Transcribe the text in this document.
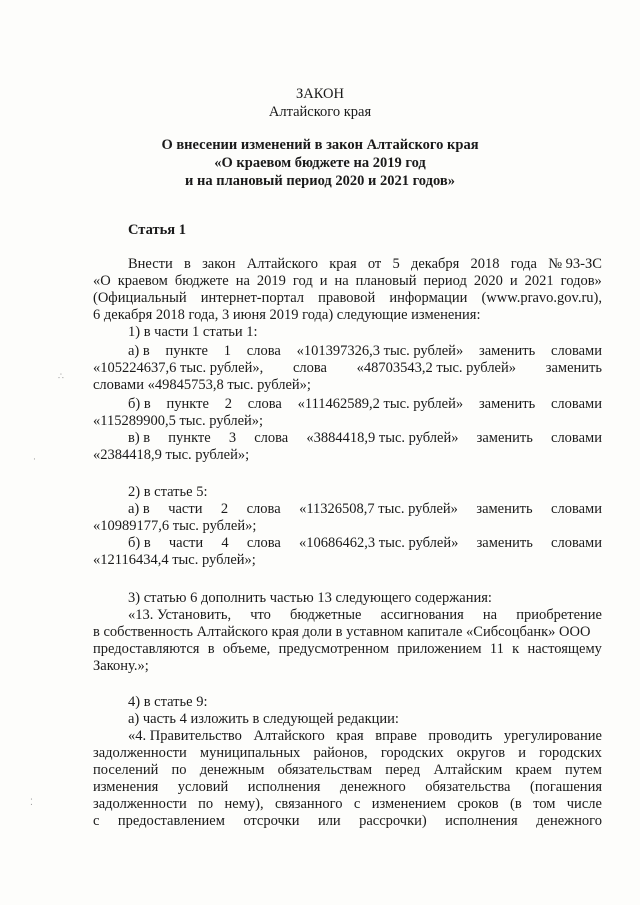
ЗАКОН
Алтайского края
О внесении изменений в закон Алтайского края
«О краевом бюджете на 2019 год
и на плановый период 2020 и 2021 годов»
Статья 1
Внести в закон Алтайского края от 5 декабря 2018 года № 93-ЗС
«О краевом бюджете на 2019 год и на плановый период 2020 и 2021 годов»
(Официальный интернет-портал правовой информации (www.pravo.gov.ru),
6 декабря 2018 года, 3 июня 2019 года) следующие изменения:
1) в части 1 статьи 1:
а) в пункте 1 слова «101397326,3 тыс. рублей» заменить словами
«105224637,6 тыс. рублей», слова «48703543,2 тыс. рублей» заменить
словами «49845753,8 тыс. рублей»;
б) в пункте 2 слова «111462589,2 тыс. рублей» заменить словами
«115289900,5 тыс. рублей»;
в) в пункте 3 слова «3884418,9 тыс. рублей» заменить словами
«2384418,9 тыс. рублей»;
2) в статье 5:
а) в части 2 слова «11326508,7 тыс. рублей» заменить словами
«10989177,6 тыс. рублей»;
б) в части 4 слова «10686462,3 тыс. рублей» заменить словами
«12116434,4 тыс. рублей»;
3) статью 6 дополнить частью 13 следующего содержания:
«13. Установить, что бюджетные ассигнования на приобретение
в собственность Алтайского края доли в уставном капитале «Сибсоцбанк» ООО
предоставляются в объеме, предусмотренном приложением 11 к настоящему
Закону.»;
4) в статье 9:
а) часть 4 изложить в следующей редакции:
«4. Правительство Алтайского края вправе проводить урегулирование
задолженности муниципальных районов, городских округов и городских
поселений по денежным обязательствам перед Алтайским краем путем
изменения условий исполнения денежного обязательства (погашения
задолженности по нему), связанного с изменением сроков (в том числе
с предоставлением отсрочки или рассрочки) исполнения денежного
∴
·
⁚
